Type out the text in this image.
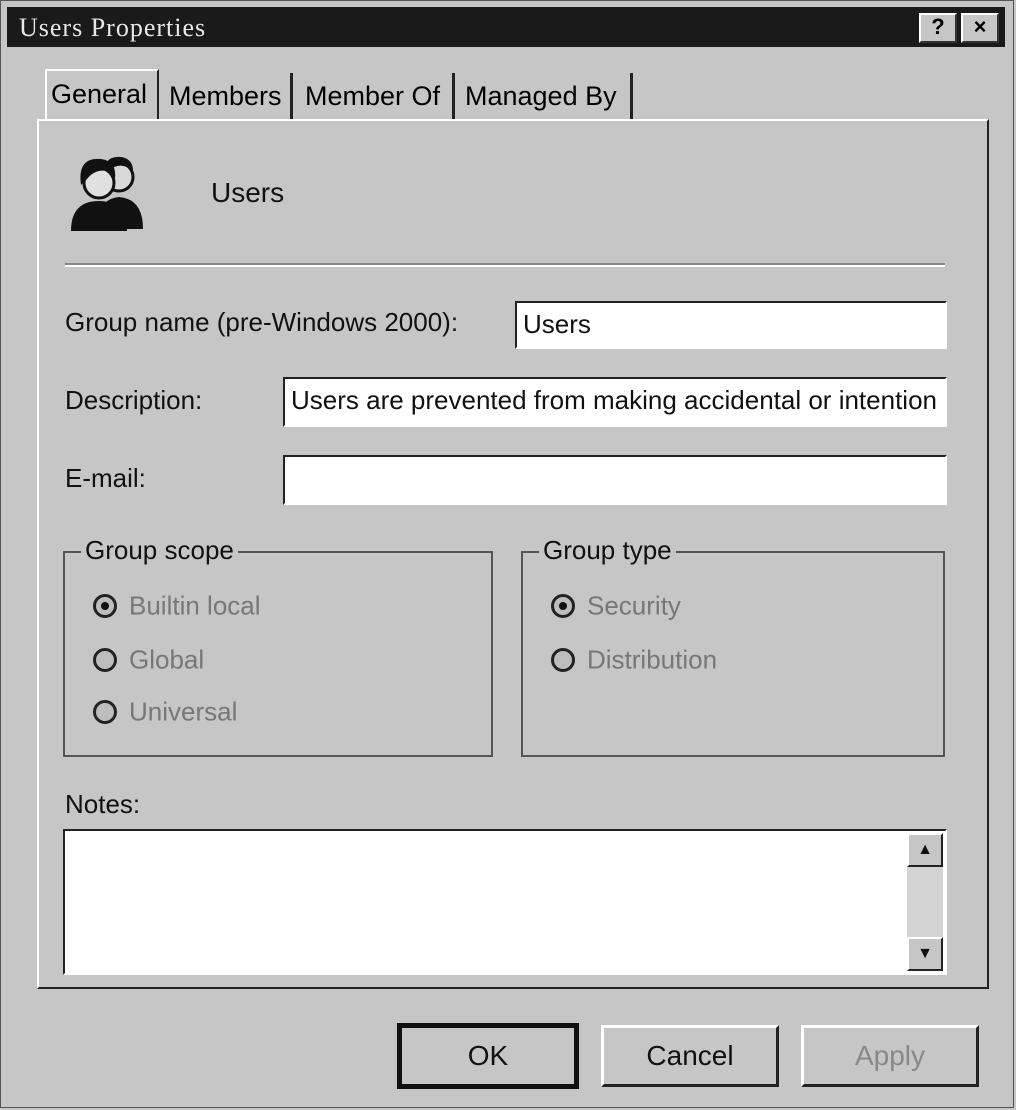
Users Properties	?	×
General Members Member Of Managed By
Users
Group name (pre-Windows 2000):	Users
Description:	Users are prevented from making accidental or intention
E-mail:
Group scope
Builtin local
Global
Universal
Group type
Security
Distribution
Notes:
▲
▼
OK	Cancel	Apply
